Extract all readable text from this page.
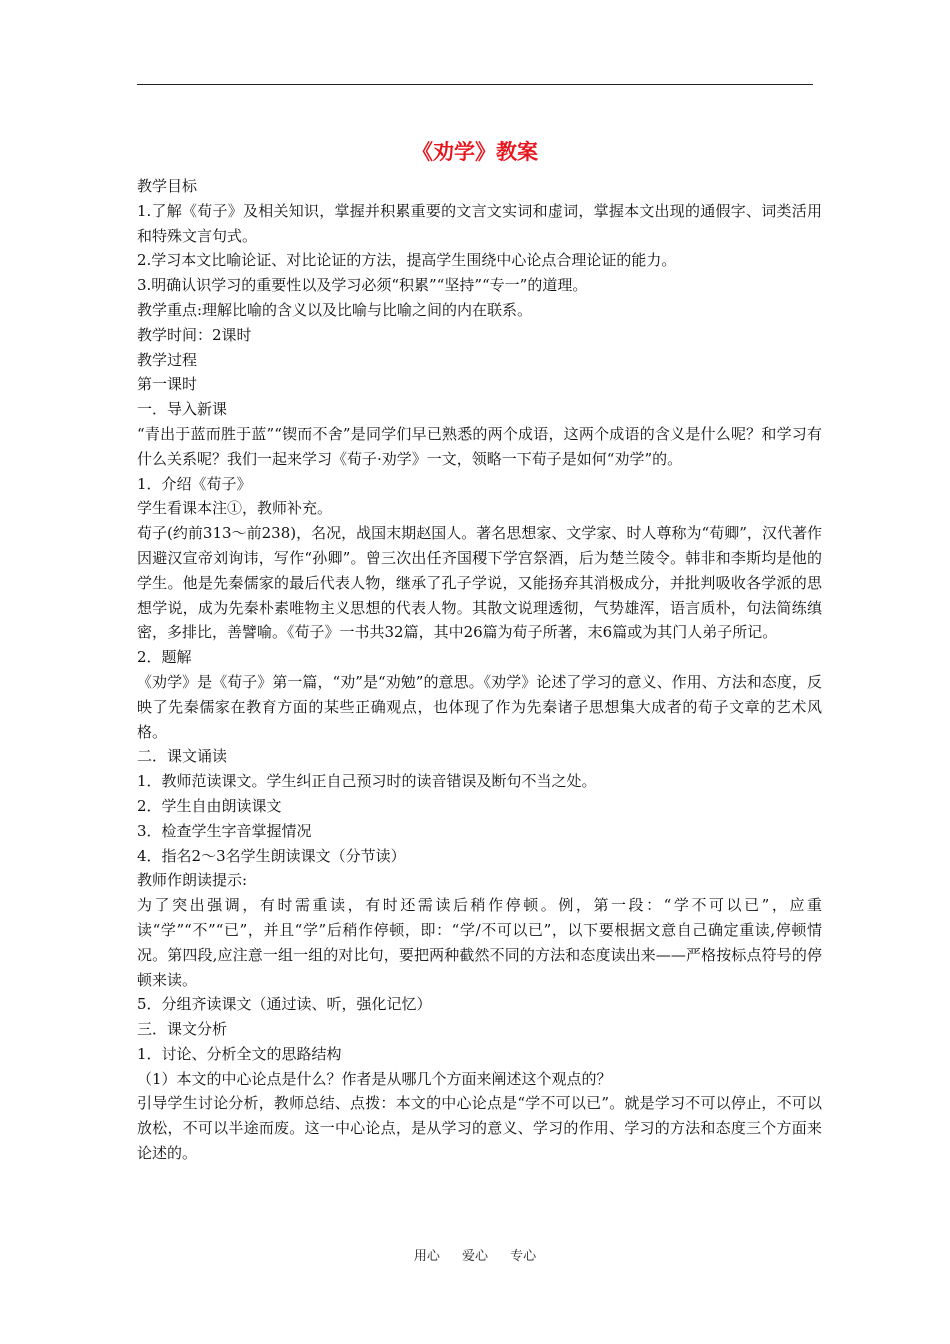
《劝学》教案

教学目标

1.了解《荀子》及相关知识，掌握并积累重要的文言文实词和虚词，掌握本文出现的通假字、词类活用和特殊文言句式。

2.学习本文比喻论证、对比论证的方法，提高学生围绕中心论点合理论证的能力。

3.明确认识学习的重要性以及学习必须“积累”“坚持”“专一”的道理。

教学重点:理解比喻的含义以及比喻与比喻之间的内在联系。

教学时间：2课时

教学过程

第一课时

一．导入新课

“青出于蓝而胜于蓝”“锲而不舍”是同学们早已熟悉的两个成语，这两个成语的含义是什么呢？和学习有什么关系呢？我们一起来学习《荀子·劝学》一文，领略一下荀子是如何“劝学”的。

1．介绍《荀子》

学生看课本注①，教师补充。

荀子(约前313～前238)，名况，战国末期赵国人。著名思想家、文学家、时人尊称为“荀卿”，汉代著作因避汉宣帝刘询讳，写作“孙卿”。曾三次出任齐国稷下学宫祭酒，后为楚兰陵令。韩非和李斯均是他的学生。他是先秦儒家的最后代表人物，继承了孔子学说，又能扬弃其消极成分，并批判吸收各学派的思想学说，成为先秦朴素唯物主义思想的代表人物。其散文说理透彻，气势雄浑，语言质朴，句法简练缜密，多排比，善譬喻。《荀子》一书共32篇，其中26篇为荀子所著，末6篇或为其门人弟子所记。

2．题解

《劝学》是《荀子》第一篇，“劝”是“劝勉”的意思。《劝学》论述了学习的意义、作用、方法和态度，反映了先秦儒家在教育方面的某些正确观点，也体现了作为先秦诸子思想集大成者的荀子文章的艺术风格。

二．课文诵读

1．教师范读课文。学生纠正自己预习时的读音错误及断句不当之处。

2．学生自由朗读课文

3．检查学生字音掌握情况

4．指名2～3名学生朗读课文（分节读）

教师作朗读提示:

为了突出强调，有时需重读，有时还需读后稍作停顿。例，第一段：“学不可以已”，应重读“学”“不”“已”，并且“学”后稍作停顿，即：“学/不可以已”，以下要根据文意自己确定重读,停顿情况。第四段,应注意一组一组的对比句，要把两种截然不同的方法和态度读出来——严格按标点符号的停顿来读。

5．分组齐读课文（通过读、听，强化记忆）

三．课文分析

1．讨论、分析全文的思路结构

（1）本文的中心论点是什么？作者是从哪几个方面来阐述这个观点的？

引导学生讨论分析，教师总结、点拨：本文的中心论点是“学不可以已”。就是学习不可以停止，不可以放松，不可以半途而废。这一中心论点，是从学习的意义、学习的作用、学习的方法和态度三个方面来论述的。

用心 爱心 专心
